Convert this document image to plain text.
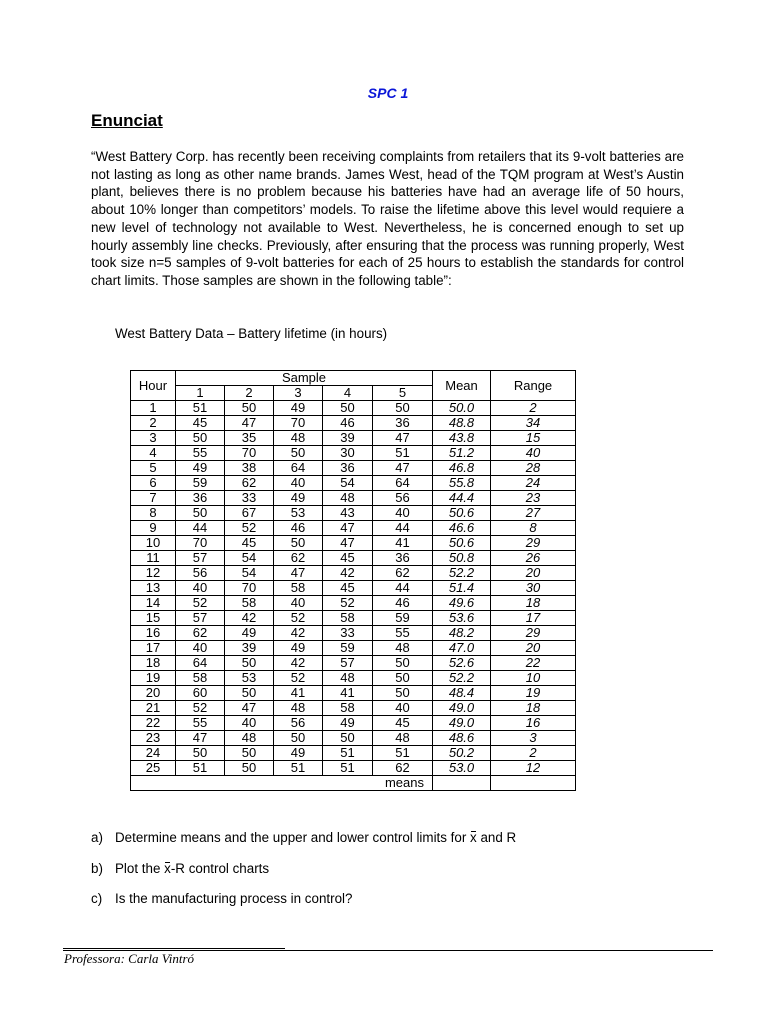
SPC 1
Enunciat

“West Battery Corp. has recently been receiving complaints from retailers that its 9-volt batteries are not lasting as long as other name brands. James West, head of the TQM program at West’s Austin plant, believes there is no problem because his batteries have had an average life of 50 hours, about 10% longer than competitors’ models. To raise the lifetime above this level would requiere a new level of technology not available to West. Nevertheless, he is concerned enough to set up hourly assembly line checks. Previously, after ensuring that the process was running properly, West took size n=5 samples of 9-volt batteries for each of 25 hours to establish the standards for control chart limits. Those samples are shown in the following table”:

West Battery Data – Battery lifetime (in hours)
Hour	Sample					Mean	Range
	1	2	3	4	5		
1	51	50	49	50	50	50.0	2
2	45	47	70	46	36	48.8	34
3	50	35	48	39	47	43.8	15
4	55	70	50	30	51	51.2	40
5	49	38	64	36	47	46.8	28
6	59	62	40	54	64	55.8	24
7	36	33	49	48	56	44.4	23
8	50	67	53	43	40	50.6	27
9	44	52	46	47	44	46.6	8
10	70	45	50	47	41	50.6	29
11	57	54	62	45	36	50.8	26
12	56	54	47	42	62	52.2	20
13	40	70	58	45	44	51.4	30
14	52	58	40	52	46	49.6	18
15	57	42	52	58	59	53.6	17
16	62	49	42	33	55	48.2	29
17	40	39	49	59	48	47.0	20
18	64	50	42	57	50	52.6	22
19	58	53	52	48	50	52.2	10
20	60	50	41	41	50	48.4	19
21	52	47	48	58	40	49.0	18
22	55	40	56	49	45	49.0	16
23	47	48	50	50	48	48.6	3
24	50	50	49	51	51	50.2	2
25	51	50	51	51	62	53.0	12
means							
a) Determine means and the upper and lower control limits for x and R
b) Plot the x-R control charts
c) Is the manufacturing process in control?
Professora: Carla Vintró
